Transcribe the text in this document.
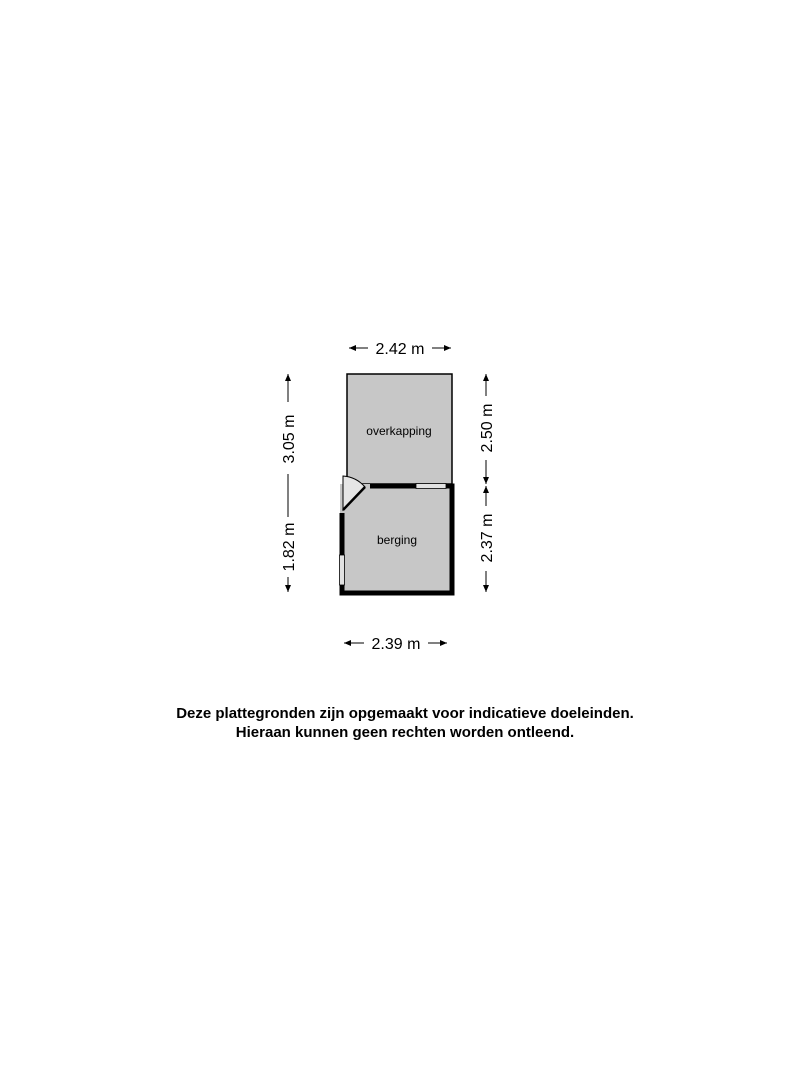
overkapping
berging
2.42 m
2.39 m
3.05 m
1.82 m
2.50 m
2.37 m
Deze plattegronden zijn opgemaakt voor indicatieve doeleinden.
Hieraan kunnen geen rechten worden ontleend.
